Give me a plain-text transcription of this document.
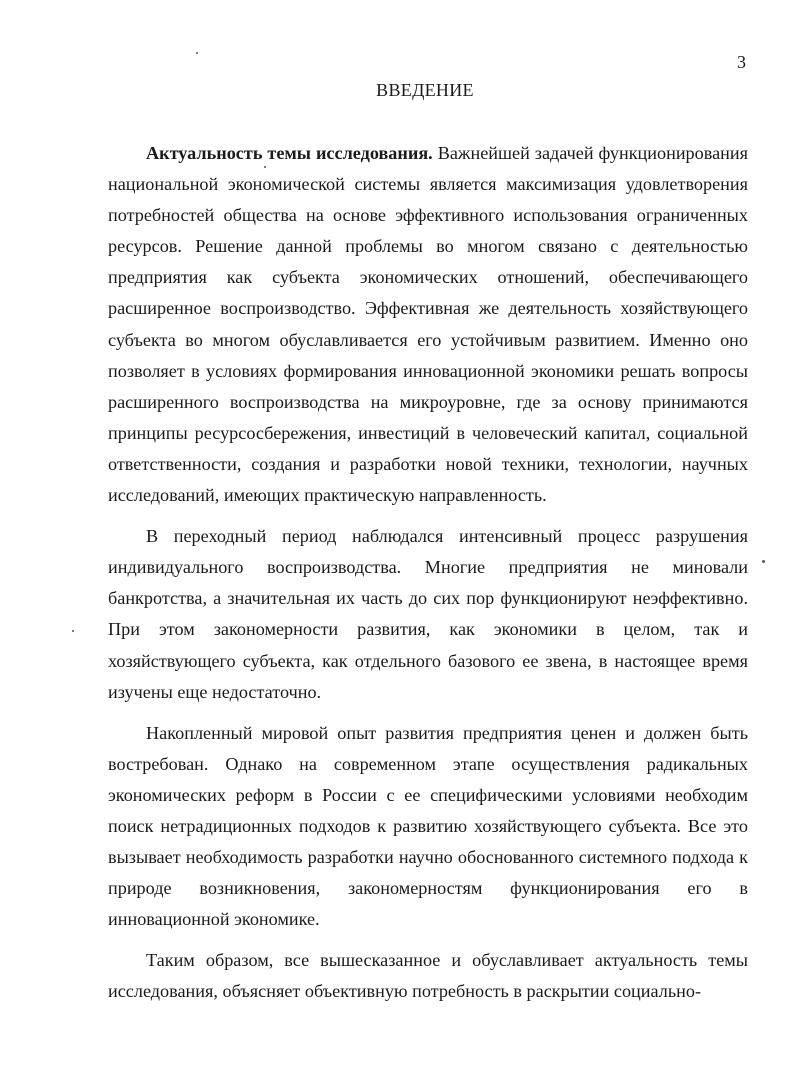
3
ВВЕДЕНИЕ

Актуальность темы исследования. Важнейшей задачей функционирования национальной экономической системы является максимизация удовлетворения потребностей общества на основе эффективного использования ограниченных ресурсов. Решение данной проблемы во многом связано с деятельностью предприятия как субъекта экономических отношений, обеспечивающего расширенное воспроизводство. Эффективная же деятельность хозяйствующего субъекта во многом обуславливается его устойчивым развитием. Именно оно позволяет в условиях формирования инновационной экономики решать вопросы расширенного воспроизводства на микроуровне, где за основу принимаются принципы ресурсосбережения, инвестиций в человеческий капитал, социальной ответственности, создания и разработки новой техники, технологии, научных исследований, имеющих практическую направленность.

В переходный период наблюдался интенсивный процесс разрушения индивидуального воспроизводства. Многие предприятия не миновали банкротства, а значительная их часть до сих пор функционируют неэффективно. При этом закономерности развития, как экономики в целом, так и хозяйствующего субъекта, как отдельного базового ее звена, в настоящее время изучены еще недостаточно.

Накопленный мировой опыт развития предприятия ценен и должен быть востребован. Однако на современном этапе осуществления радикальных экономических реформ в России с ее специфическими условиями необходим поиск нетрадиционных подходов к развитию хозяйствующего субъекта. Все это вызывает необходимость разработки научно обоснованного системного подхода к природе возникновения, закономерностям функционирования его в инновационной экономике.

Таким образом, все вышесказанное и обуславливает актуальность темы исследования, объясняет объективную потребность в раскрытии социально-
